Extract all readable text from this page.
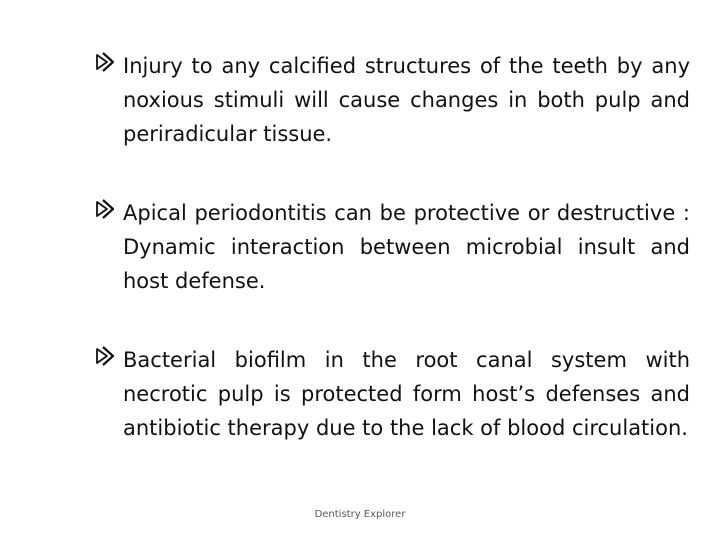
Injury to any calcified structures of the teeth by any noxious stimuli will cause changes in both pulp and periradicular tissue.
Apical periodontitis can be protective or destructive : Dynamic interaction between microbial insult and host defense.
Bacterial biofilm in the root canal system with necrotic pulp is protected form host’s defenses and antibiotic therapy due to the lack of blood circulation.
Dentistry Explorer
